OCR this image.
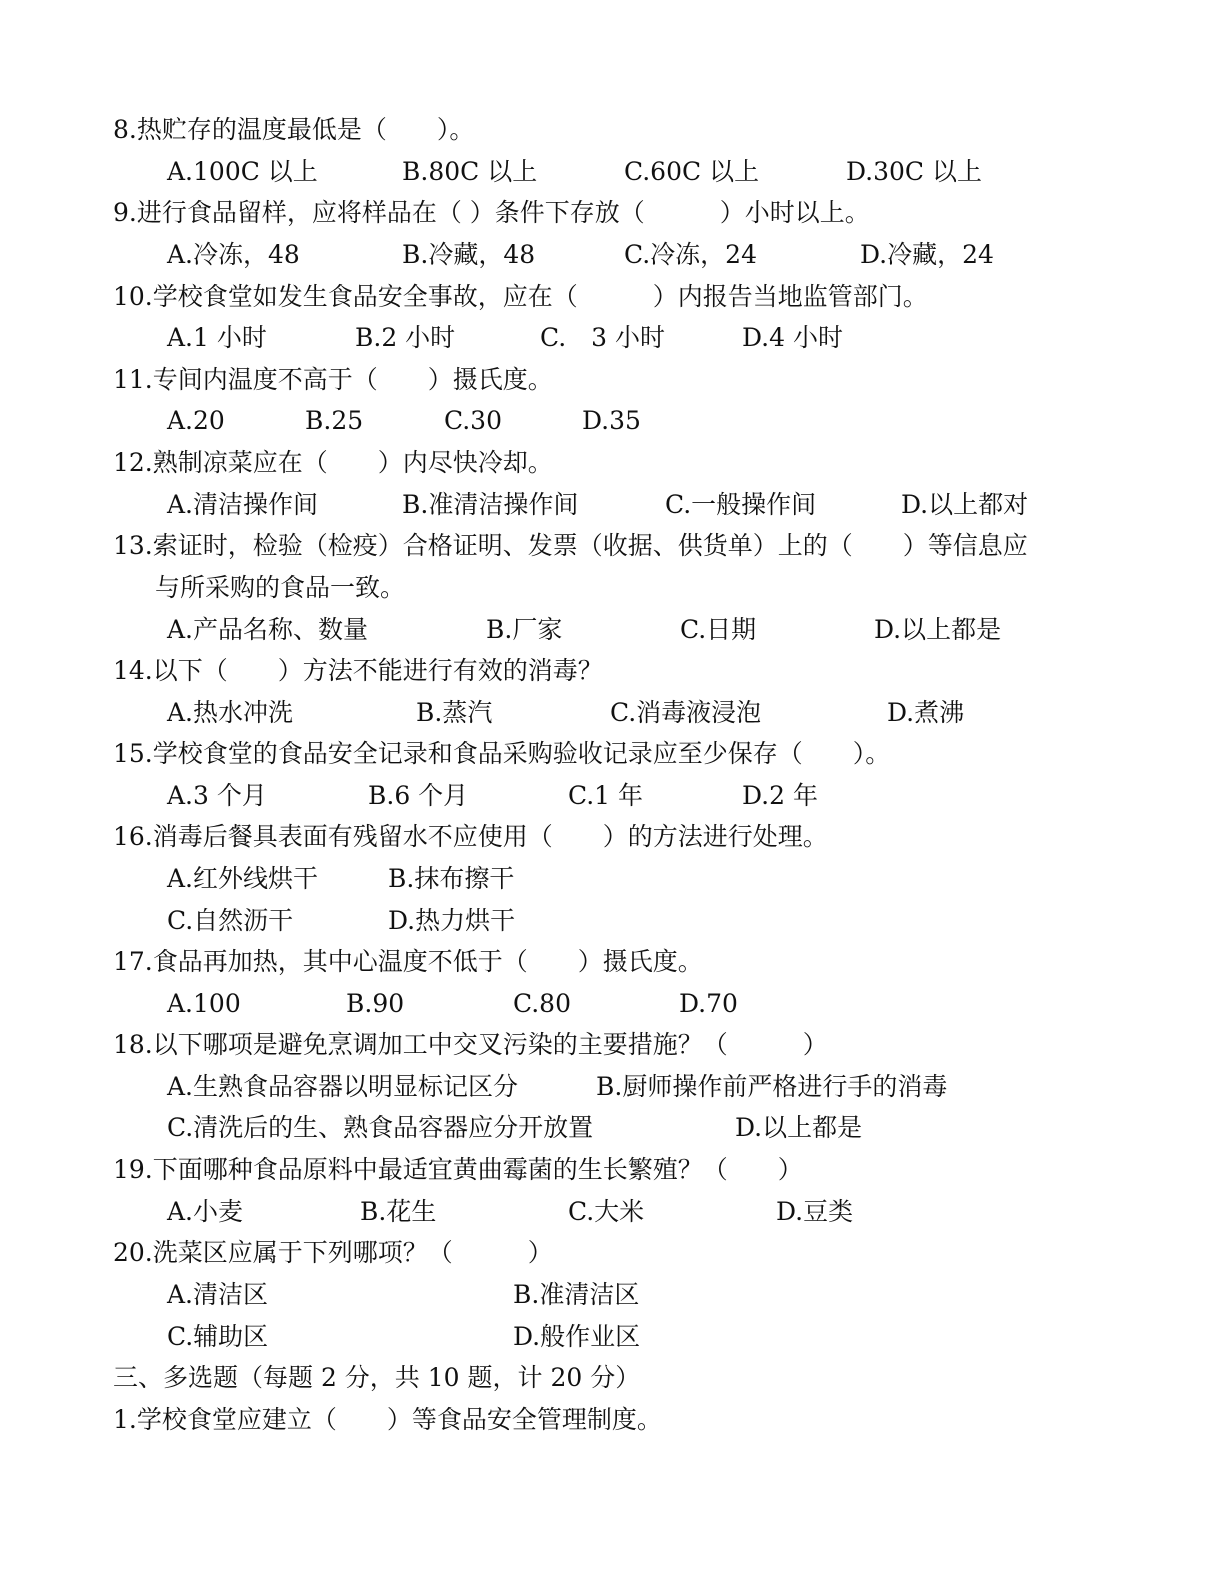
8.热贮存的温度最低是（　　）。
A.100C 以上	B.80C 以上	C.60C 以上	D.30C 以上
9.进行食品留样，应将样品在（ ）条件下存放（　　　）小时以上。
A.冷冻，48	B.冷藏，48	C.冷冻，24	D.冷藏，24
10.学校食堂如发生食品安全事故，应在（　　　）内报告当地监管部门。
A.1 小时	B.2 小时	C.　3 小时	D.4 小时
11.专间内温度不高于（　　）摄氏度。
A.20	B.25	C.30	D.35
12.熟制凉菜应在（　　）内尽快冷却。
A.清洁操作间	B.准清洁操作间	C.一般操作间	D.以上都对
13.索证时，检验（检疫）合格证明、发票（收据、供货单）上的（　　）等信息应
与所采购的食品一致。
A.产品名称、数量	B.厂家	C.日期	D.以上都是
14.以下（　　）方法不能进行有效的消毒？
A.热水冲洗	B.蒸汽	C.消毒液浸泡	D.煮沸
15.学校食堂的食品安全记录和食品采购验收记录应至少保存（　　）。
A.3 个月	B.6 个月	C.1 年	D.2 年
16.消毒后餐具表面有残留水不应使用（　　）的方法进行处理。
A.红外线烘干	B.抹布擦干
C.自然沥干	D.热力烘干
17.食品再加热，其中心温度不低于（　　）摄氏度。
A.100	B.90	C.80	D.70
18.以下哪项是避免烹调加工中交叉污染的主要措施？（　　　）
A.生熟食品容器以明显标记区分	B.厨师操作前严格进行手的消毒
C.清洗后的生、熟食品容器应分开放置	D.以上都是
19.下面哪种食品原料中最适宜黄曲霉菌的生长繁殖？（　　）
A.小麦	B.花生	C.大米	D.豆类
20.洗菜区应属于下列哪项？（　　　）
A.清洁区	B.准清洁区
C.辅助区	D.般作业区
三、多选题（每题 2 分，共 10 题，计 20 分）
1.学校食堂应建立（　　）等食品安全管理制度。
